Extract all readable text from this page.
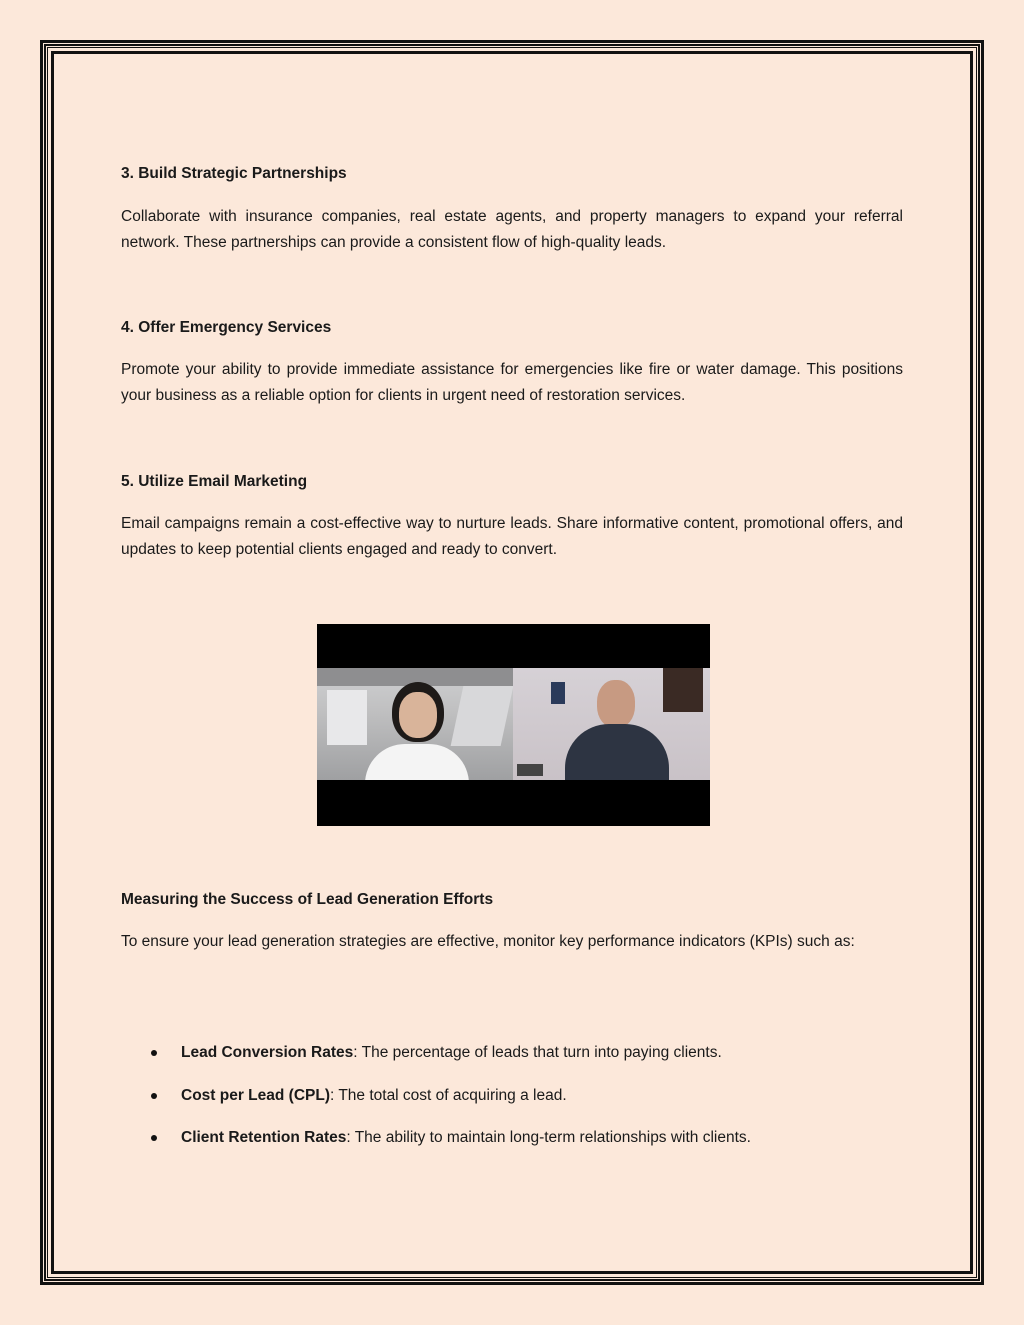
3. Build Strategic Partnerships

Collaborate with insurance companies, real estate agents, and property managers to expand your referral network. These partnerships can provide a consistent flow of high-quality leads.

4. Offer Emergency Services

Promote your ability to provide immediate assistance for emergencies like fire or water damage. This positions your business as a reliable option for clients in urgent need of restoration services.

5. Utilize Email Marketing

Email campaigns remain a cost-effective way to nurture leads. Share informative content, promotional offers, and updates to keep potential clients engaged and ready to convert.

Measuring the Success of Lead Generation Efforts

To ensure your lead generation strategies are effective, monitor key performance indicators (KPIs) such as:

Lead Conversion Rates: The percentage of leads that turn into paying clients.
Cost per Lead (CPL): The total cost of acquiring a lead.
Client Retention Rates: The ability to maintain long-term relationships with clients.
